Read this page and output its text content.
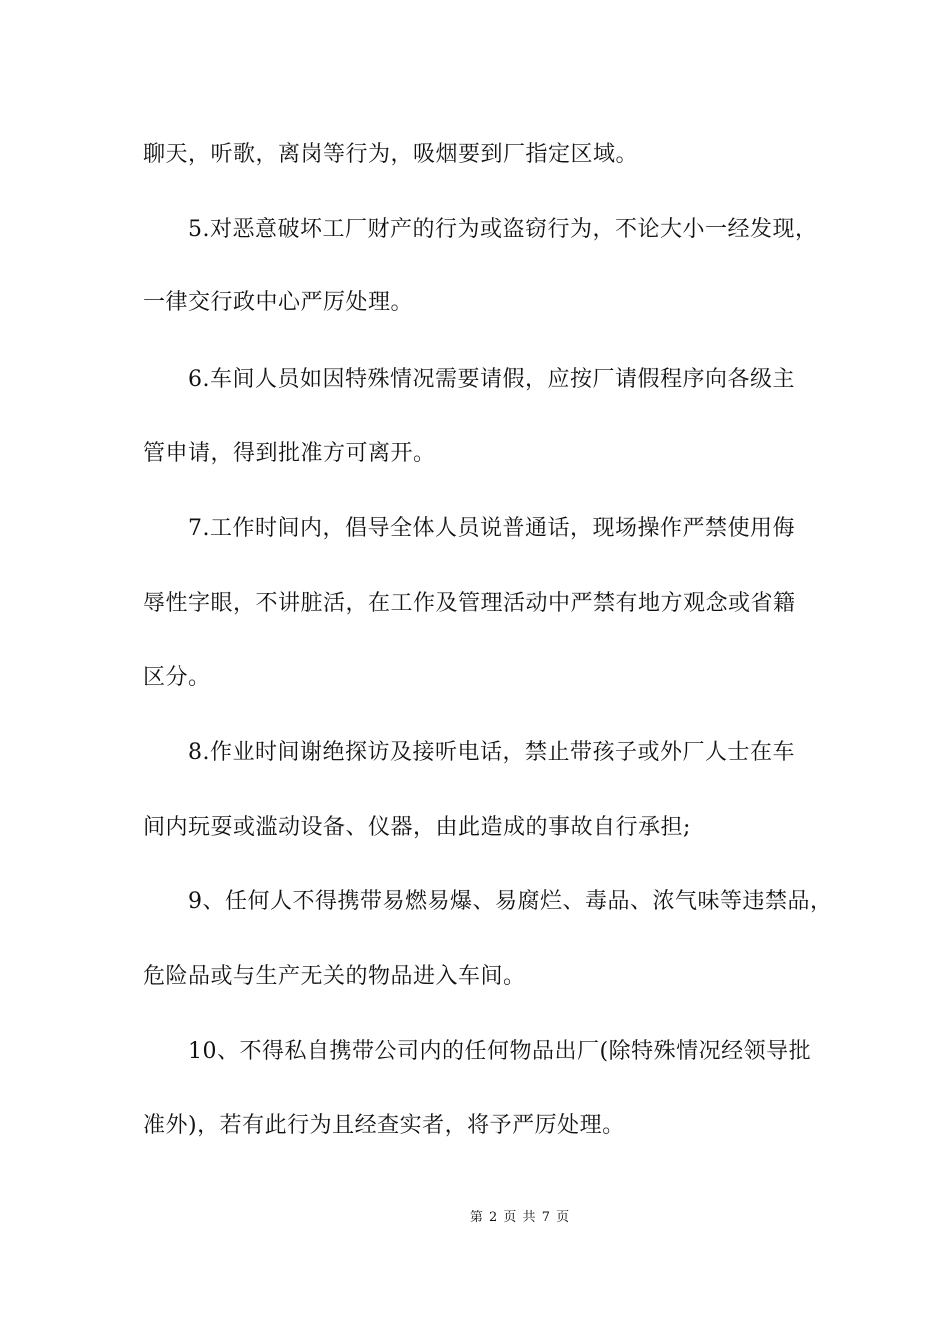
聊天，听歌，离岗等行为，吸烟要到厂指定区域。
5.对恶意破坏工厂财产的行为或盗窃行为，不论大小一经发现，
一律交行政中心严厉处理。
6.车间人员如因特殊情况需要请假，应按厂请假程序向各级主
管申请，得到批准方可离开。
7.工作时间内，倡导全体人员说普通话，现场操作严禁使用侮
辱性字眼，不讲脏活，在工作及管理活动中严禁有地方观念或省籍
区分。
8.作业时间谢绝探访及接听电话，禁止带孩子或外厂人士在车
间内玩耍或滥动设备、仪器，由此造成的事故自行承担;
9、任何人不得携带易燃易爆、易腐烂、毒品、浓气味等违禁品，
危险品或与生产无关的物品进入车间。
10、不得私自携带公司内的任何物品出厂(除特殊情况经领导批
准外)，若有此行为且经查实者，将予严厉处理。
第 2 页 共 7 页
